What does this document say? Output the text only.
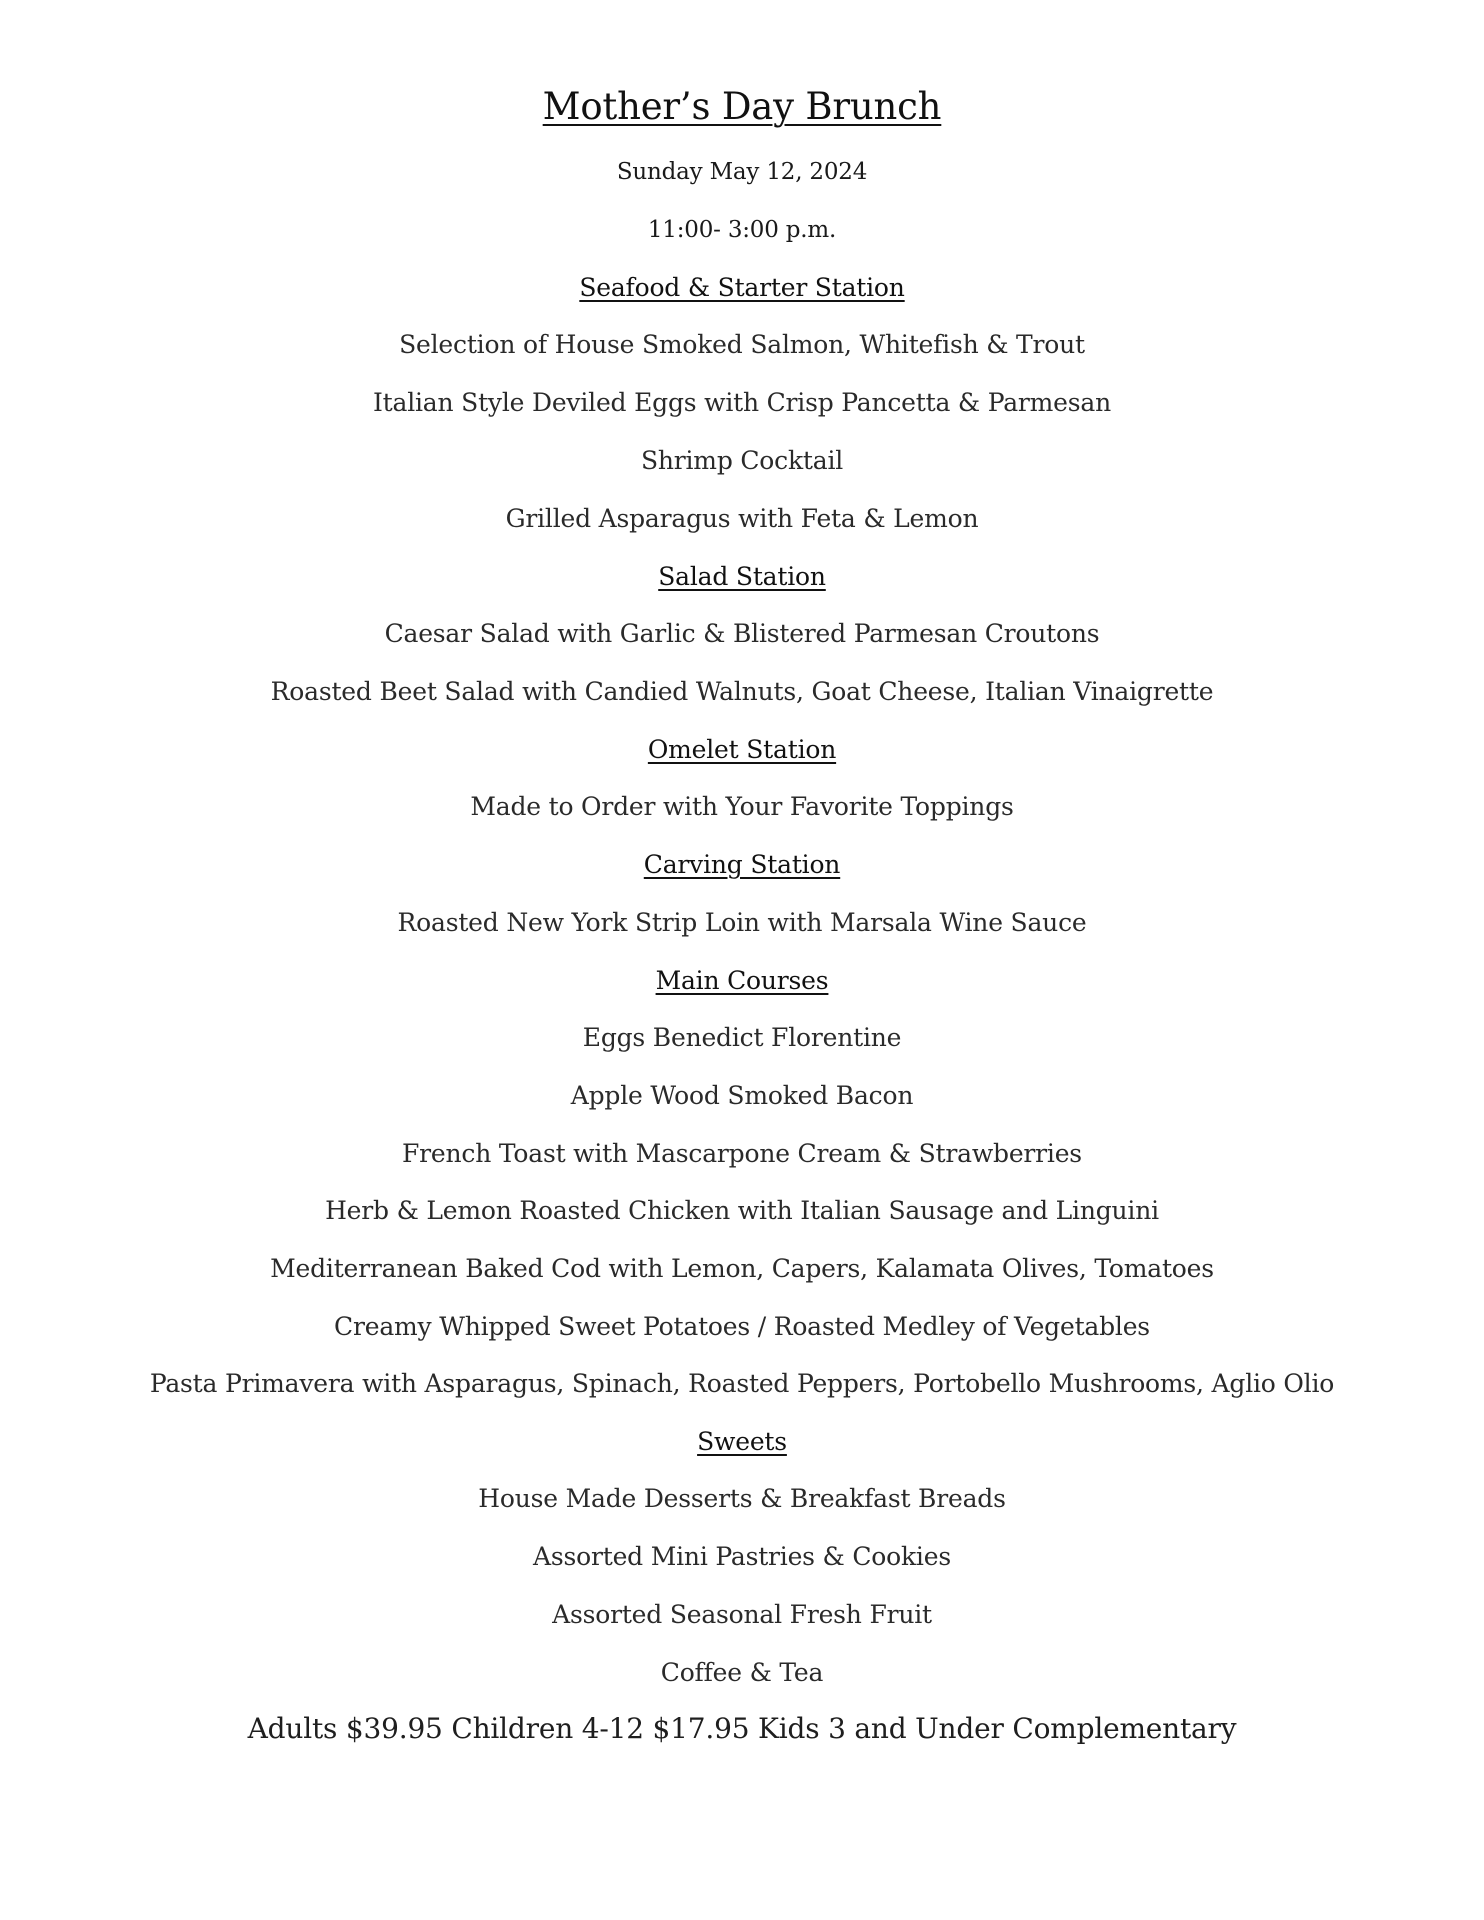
Mother’s Day Brunch
Sunday May 12, 2024
11:00- 3:00 p.m.
Seafood & Starter Station
Selection of House Smoked Salmon, Whitefish & Trout
Italian Style Deviled Eggs with Crisp Pancetta & Parmesan
Shrimp Cocktail
Grilled Asparagus with Feta & Lemon
Salad Station
Caesar Salad with Garlic & Blistered Parmesan Croutons
Roasted Beet Salad with Candied Walnuts, Goat Cheese, Italian Vinaigrette
Omelet Station
Made to Order with Your Favorite Toppings
Carving Station
Roasted New York Strip Loin with Marsala Wine Sauce
Main Courses
Eggs Benedict Florentine
Apple Wood Smoked Bacon
French Toast with Mascarpone Cream & Strawberries
Herb & Lemon Roasted Chicken with Italian Sausage and Linguini
Mediterranean Baked Cod with Lemon, Capers, Kalamata Olives, Tomatoes
Creamy Whipped Sweet Potatoes / Roasted Medley of Vegetables
Pasta Primavera with Asparagus, Spinach, Roasted Peppers, Portobello Mushrooms, Aglio Olio
Sweets
House Made Desserts & Breakfast Breads
Assorted Mini Pastries & Cookies
Assorted Seasonal Fresh Fruit
Coffee & Tea
Adults $39.95 Children 4-12 $17.95 Kids 3 and Under Complementary
